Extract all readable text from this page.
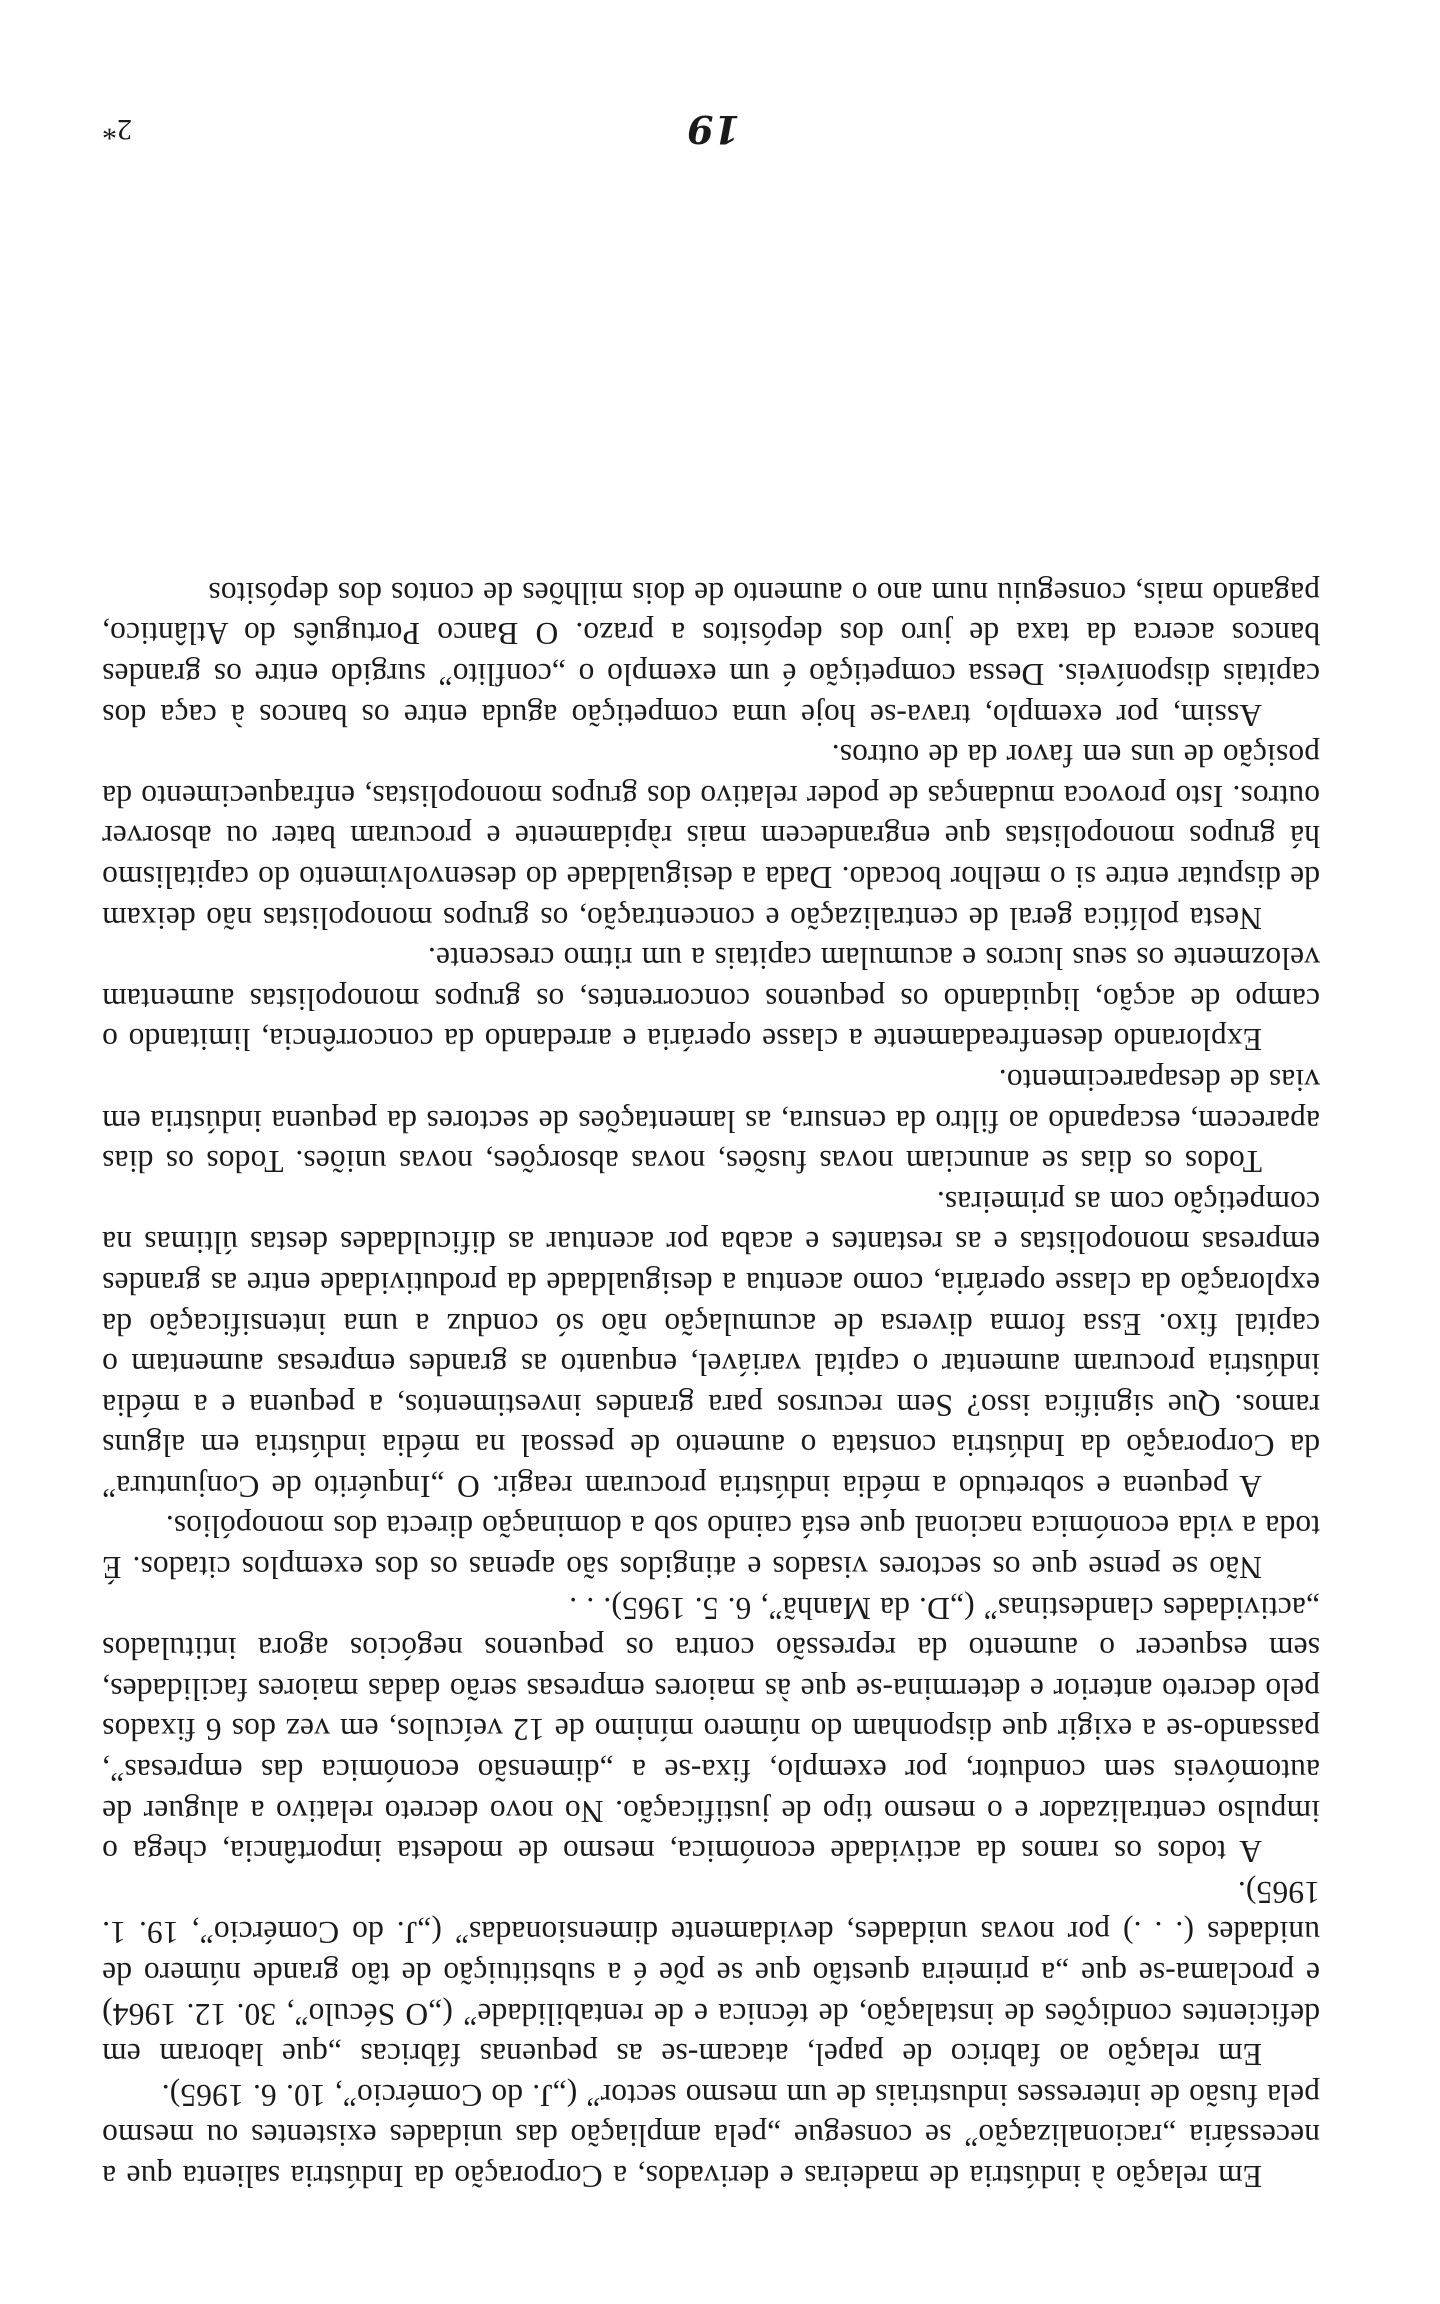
Em relação à indústria de madeiras e derivados, a Corporação da Indústria salienta que a necessária „racionalização” se consegue „pela ampliação das unidades existentes ou mesmo pela fusão de interesses industriais de um mesmo sector” („J. do Comércio”, 10. 6. 1965).

Em relação ao fabrico de papel, atacam-se as pequenas fábricas „que laboram em deficientes condições de instalação, de técnica e de rentabilidade” („O Século”, 30. 12. 1964) e proclama-se que „a primeira questão que se põe é a substituição de tão grande número de unidades (. . .) por novas unidades, devidamente dimensionadas” („J. do Comércio”, 19. 1. 1965).

A todos os ramos da actividade económica, mesmo de modesta importância, chega o impulso centralizador e o mesmo tipo de justificação. No novo decreto relativo a aluguer de automóveis sem condutor, por exemplo, fixa-se a „dimensão económica das empresas”, passando-se a exigir que disponham do número mínimo de 12 veículos, em vez dos 6 fixados pelo decreto anterior e determina-se que às maiores empresas serão dadas maiores facilidades, sem esquecer o aumento da repressão contra os pequenos negócios agora intitulados „actividades clandestinas” („D. da Manhã”, 6. 5. 1965). . .

Não se pense que os sectores visados e atingidos são apenas os dos exemplos citados. É toda a vida económica nacional que está caindo sob a dominação directa dos monopólios.

A pequena e sobretudo a média indústria procuram reagir. O „Inquérito de Conjuntura” da Corporação da Indústria constata o aumento de pessoal na média indústria em alguns ramos. Que significa isso? Sem recursos para grandes investimentos, a pequena e a média indústria procuram aumentar o capital variável, enquanto as grandes empresas aumentam o capital fixo. Essa forma diversa de acumulação não só conduz a uma intensificação da exploração da classe operária, como acentua a desigualdade da produtividade entre as grandes empresas monopolistas e as restantes e acaba por acentuar as dificuldades destas últimas na competição com as primeiras.

Todos os dias se anunciam novas fusões, novas absorções, novas uniões. Todos os dias aparecem, escapando ao filtro da censura, as lamentações de sectores da pequena indústria em vias de desaparecimento.

Explorando desenfreadamente a classe operária e arredando da concorrência, limitando o campo de acção, liquidando os pequenos concorrentes, os grupos monopolistas aumentam velozmente os seus lucros e acumulam capitais a um ritmo crescente.

Nesta política geral de centralização e concentração, os grupos monopolistas não deixam de disputar entre si o melhor bocado. Dada a desigualdade do desenvolvimento do capitalismo há grupos monopolistas que engrandecem mais ràpidamente e procuram bater ou absorver outros. Isto provoca mudanças de poder relativo dos grupos monopolistas, enfraquecimento da posição de uns em favor da de outros.

Assim, por exemplo, trava-se hoje uma competição aguda entre os bancos à caça dos capitais disponíveis. Dessa competição é um exemplo o „conflito” surgido entre os grandes bancos acerca da taxa de juro dos depósitos a prazo. O Banco Português do Atlântico, pagando mais, conseguiu num ano o aumento de dois milhões de contos dos depósitos

19
2*
